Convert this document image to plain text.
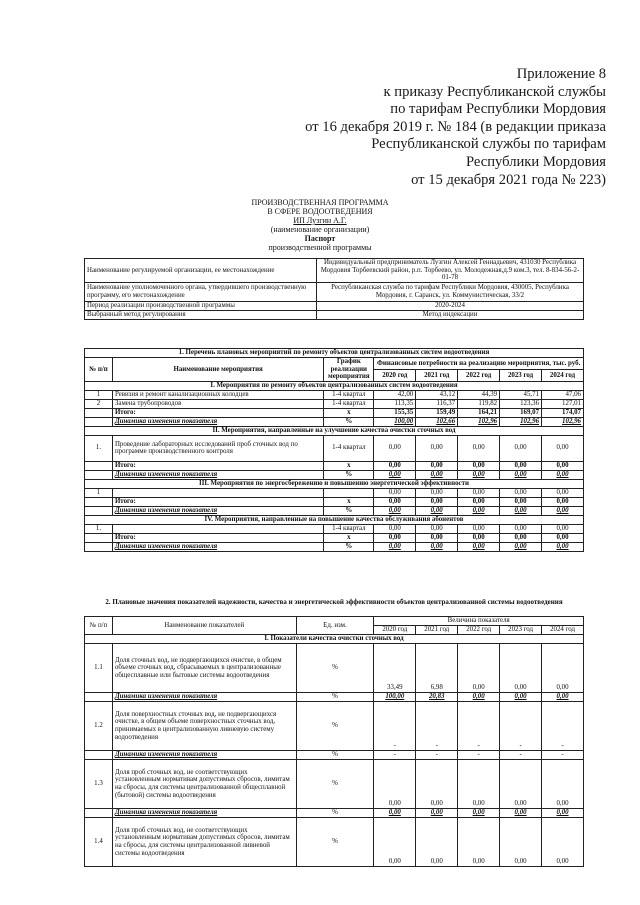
Приложение 8
к приказу Республиканской службы
по тарифам Республики Мордовия
от 16 декабря 2019 г. № 184 (в редакции приказа
Республиканской службы по тарифам
Республики Мордовия
от 15 декабря 2021 года № 223)
ПРОИЗВОДСТВЕННАЯ ПРОГРАММА
В СФЕРЕ ВОДООТВЕДЕНИЯ
ИП Лузгин А.Г.
(наименование организации)
Паспорт
производственной программы
Наименование регулируемой организации, ее местонахождение	Индивидуальный предприниматель Лузгин Алексей Геннадьевич, 431030 Республика Мордовия Торбеевский район, р.п. Торбеево, ул. Молодежная,д.9 ком.3, тел. 8-834-56-2-01-78
Наименование уполномоченного органа, утвердившего производственную программу, его местонахождение	Республиканская служба по тарифам Республики Мордовия, 430005, Республика Мордовия, г. Саранск, ул. Коммунистическая, 33/2
Период реализации производственной программы	2020-2024
Выбранный метод регулирования	Метод индексации
1. Перечень плановых мероприятий по ремонту объектов централизованных систем водоотведения							
№ п/п	Наименование мероприятия	График реализации мероприятия	Финансовые потребности на реализацию мероприятия, тыс. руб.				
			2020 год	2021 год	2022 год	2023 год	2024 год
I. Мероприятия по ремонту объектов централизованных систем водоотведения							
1	Ревизия и ремонт канализационных колодцев	1-4 квартал	42,00	43,12	44,39	45,71	47,06
2	Замена трубопроводов	1-4 квартал	113,35	116,37	119,82	123,36	127,01
	Итого:	х	155,35	159,49	164,21	169,07	174,07
	Динамика изменения показателя	%	100,00	102,66	102,96	102,96	102,96
II. Мероприятия, направленные на улучшение качества очистки сточных вод							
1.	Проведение лабораторных исследований проб сточных вод по программе производственного контроля	1-4 квартал	0,00	0,00	0,00	0,00	0,00
	Итого:	х	0,00	0,00	0,00	0,00	0,00
	Динамика изменения показателя	%	0,00	0,00	0,00	0,00	0,00
III. Мероприятия по энергосбережению и повышению энергетической эффективности							
1			0,00	0,00	0,00	0,00	0,00
	Итого:	х	0,00	0,00	0,00	0,00	0,00
	Динамика изменения показателя	%	0,00	0,00	0,00	0,00	0,00
IV. Мероприятия, направленные на повышение качества обслуживания абонентов							
1.		1-4 квартал	0,00	0,00	0,00	0,00	0,00
	Итого:	х	0,00	0,00	0,00	0,00	0,00
	Динамика изменения показателя	%	0,00	0,00	0,00	0,00	0,00
2. Плановые значения показателей надежности, качества и энергетической эффективности объектов централизованной системы водоотведения
№ п/п	Наименование показателей	Ед. изм.	Величина показателя				
			2020 год	2021 год	2022 год	2023 год	2024 год
I. Показатели качества очистки сточных вод							
1.1	Доля сточных вод, не подвергающихся очистке, в общем объеме сточных вод, сбрасываемых в централизованные общесплавные или бытовые системы водоотведения	%	33,49	6,98	0,00	0,00	0,00
	Динамика изменения показателя	%	100,00	20,83	0,00	0,00	0,00
1.2	Доля поверхностных сточных вод, не подвергающихся очистке, в общем объеме поверхностных сточных вод, принимаемых в централизованную ливневую систему водоотведения	%	-	-	-	-	-
	Динамика изменения показателя	%	-	-	-	-	-
1.3	Доля проб сточных вод, не соответствующих установленным нормативам допустимых сбросов, лимитам на сбросы, для системы централизованной общесплавной (бытовой) системы водоотведения	%	0,00	0,00	0,00	0,00	0,00
	Динамика изменения показателя	%	0,00	0,00	0,00	0,00	0,00
1.4	Доля проб сточных вод, не соответствующих установленным нормативам допустимых сбросов, лимитам на сбросы, для системы централизованной ливневой системы водоотведения	%	0,00	0,00	0,00	0,00	0,00
